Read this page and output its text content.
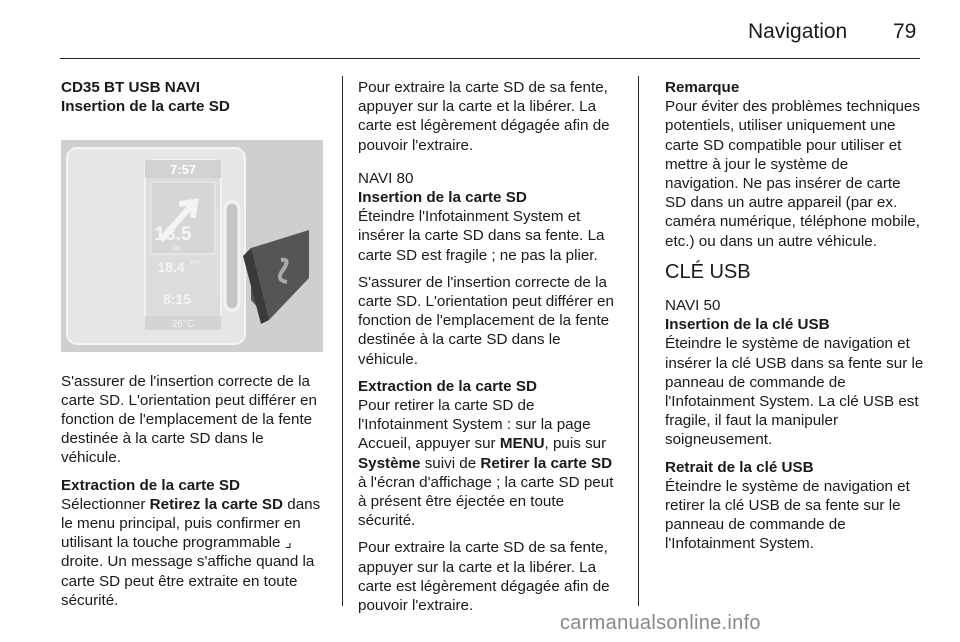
Navigation 79
CD35 BT USB NAVI
Insertion de la carte SD
7:57
13.5
km
18.4 km
8:15
26°C

S'assurer de l'insertion correcte de la carte SD. L'orientation peut différer en fonction de l'emplacement de la fente destinée à la carte SD dans le véhicule.

Extraction de la carte SD

Sélectionner Retirez la carte SD dans le menu principal, puis confirmer en utilisant la touche programmable ⌟ droite. Un message s'affiche quand la carte SD peut être extraite en toute sécurité.

Pour extraire la carte SD de sa fente, appuyer sur la carte et la libérer. La carte est légèrement dégagée afin de pouvoir l'extraire.

NAVI 80
Insertion de la carte SD

Éteindre l'Infotainment System et insérer la carte SD dans sa fente. La carte SD est fragile ; ne pas la plier.

S'assurer de l'insertion correcte de la carte SD. L'orientation peut différer en fonction de l'emplacement de la fente destinée à la carte SD dans le véhicule.

Extraction de la carte SD

Pour retirer la carte SD de l'Infotainment System : sur la page Accueil, appuyer sur MENU, puis sur Système suivi de Retirer la carte SD à l'écran d'affichage ; la carte SD peut à présent être éjectée en toute sécurité.

Pour extraire la carte SD de sa fente, appuyer sur la carte et la libérer. La carte est légèrement dégagée afin de pouvoir l'extraire.

Remarque

Pour éviter des problèmes techniques potentiels, utiliser uniquement une carte SD compatible pour utiliser et mettre à jour le système de navigation. Ne pas insérer de carte SD dans un autre appareil (par ex. caméra numérique, téléphone mobile, etc.) ou dans un autre véhicule.

CLÉ USB
NAVI 50
Insertion de la clé USB

Éteindre le système de navigation et insérer la clé USB dans sa fente sur le panneau de commande de l'Infotainment System. La clé USB est fragile, il faut la manipuler soigneusement.

Retrait de la clé USB

Éteindre le système de navigation et retirer la clé USB de sa fente sur le panneau de commande de l'Infotainment System.

carmanualsonline.info
